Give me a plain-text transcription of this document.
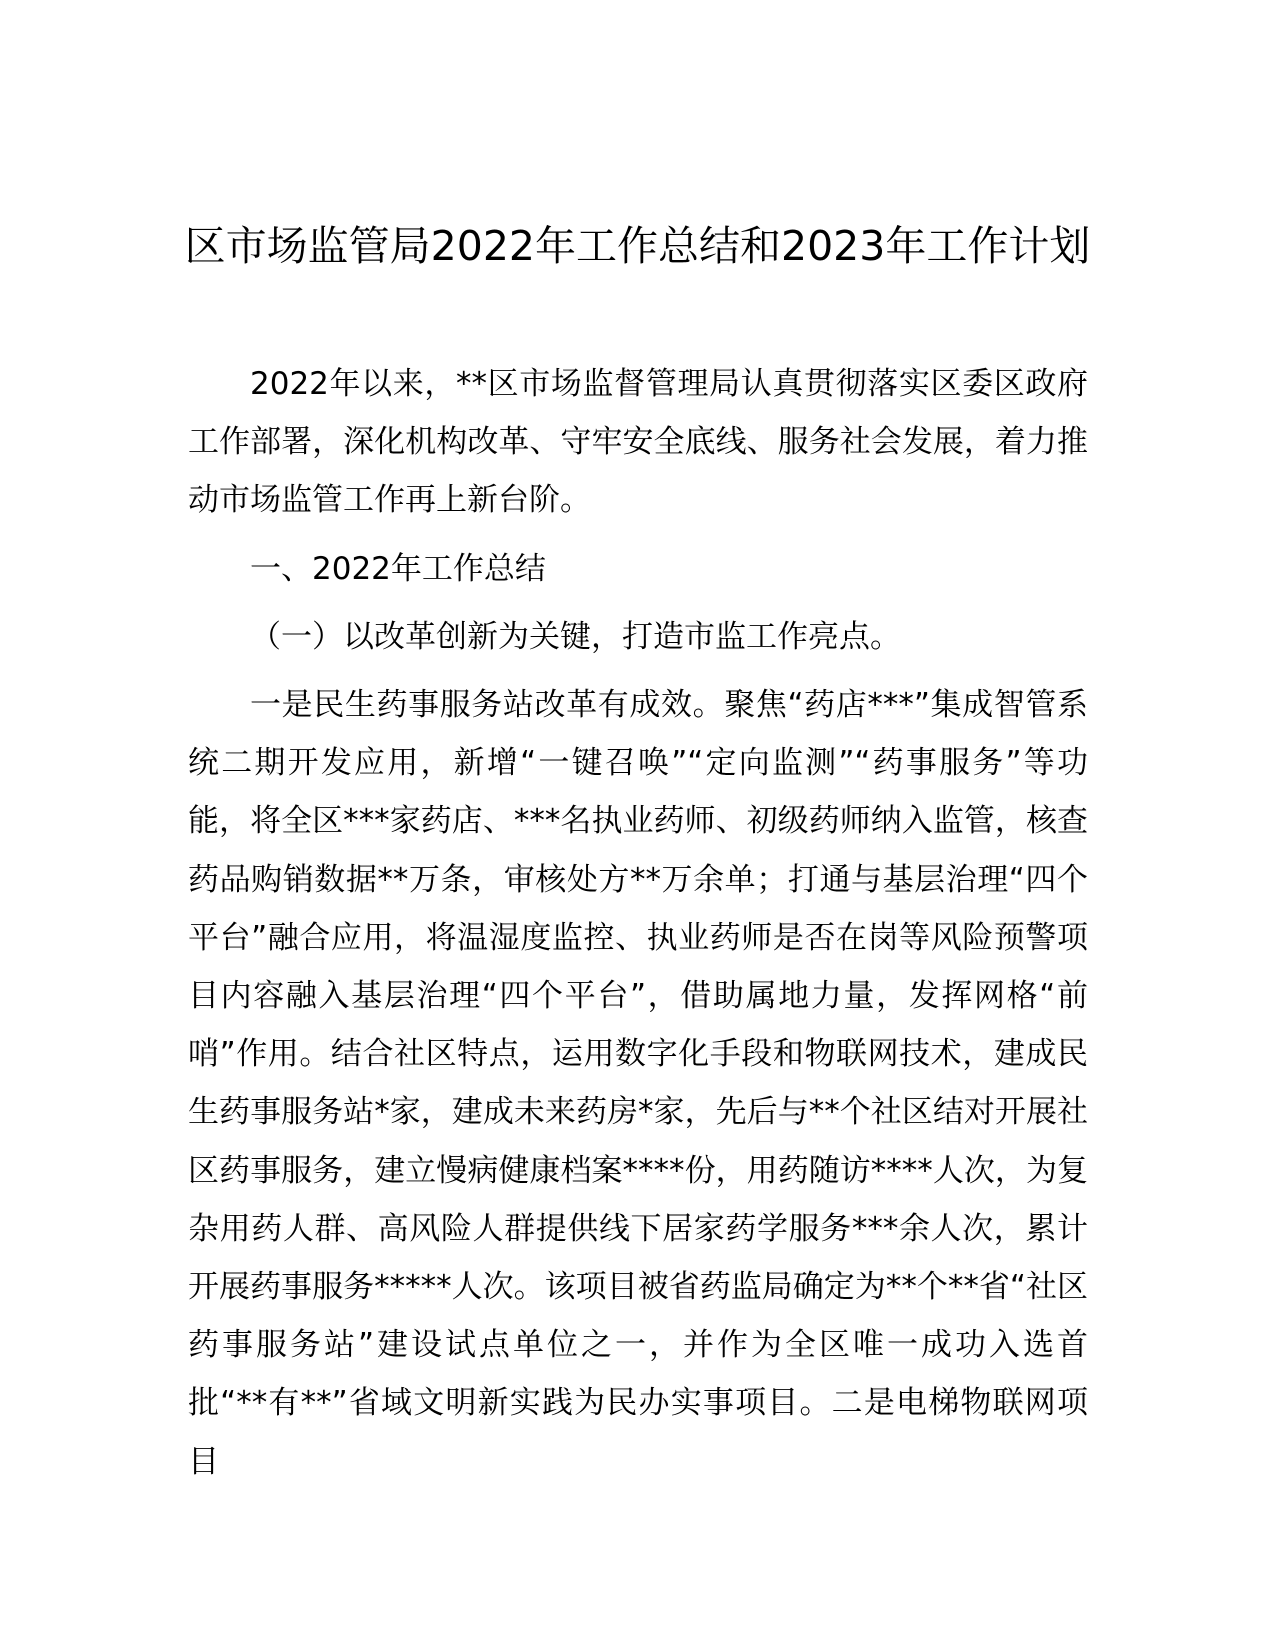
区市场监管局2022年工作总结和2023年工作计划

2022年以来，**区市场监督管理局认真贯彻落实区委区政府工作部署，深化机构改革、守牢安全底线、服务社会发展，着力推动市场监管工作再上新台阶。

一、2022年工作总结

（一）以改革创新为关键，打造市监工作亮点。

一是民生药事服务站改革有成效。聚焦“药店***”集成智管系统二期开发应用，新增“一键召唤”“定向监测”“药事服务”等功能，将全区***家药店、***名执业药师、初级药师纳入监管，核查药品购销数据**万条，审核处方**万余单；打通与基层治理“四个平台”融合应用，将温湿度监控、执业药师是否在岗等风险预警项目内容融入基层治理“四个平台”，借助属地力量，发挥网格“前哨”作用。结合社区特点，运用数字化手段和物联网技术，建成民生药事服务站*家，建成未来药房*家，先后与**个社区结对开展社区药事服务，建立慢病健康档案****份，用药随访****人次，为复杂用药人群、高风险人群提供线下居家药学服务***余人次，累计开展药事服务*****人次。该项目被省药监局确定为**个**省“社区药事服务站”建设试点单位之一，并作为全区唯一成功入选首批“**有**”省域文明新实践为民办实事项目。二是电梯物联网项目
